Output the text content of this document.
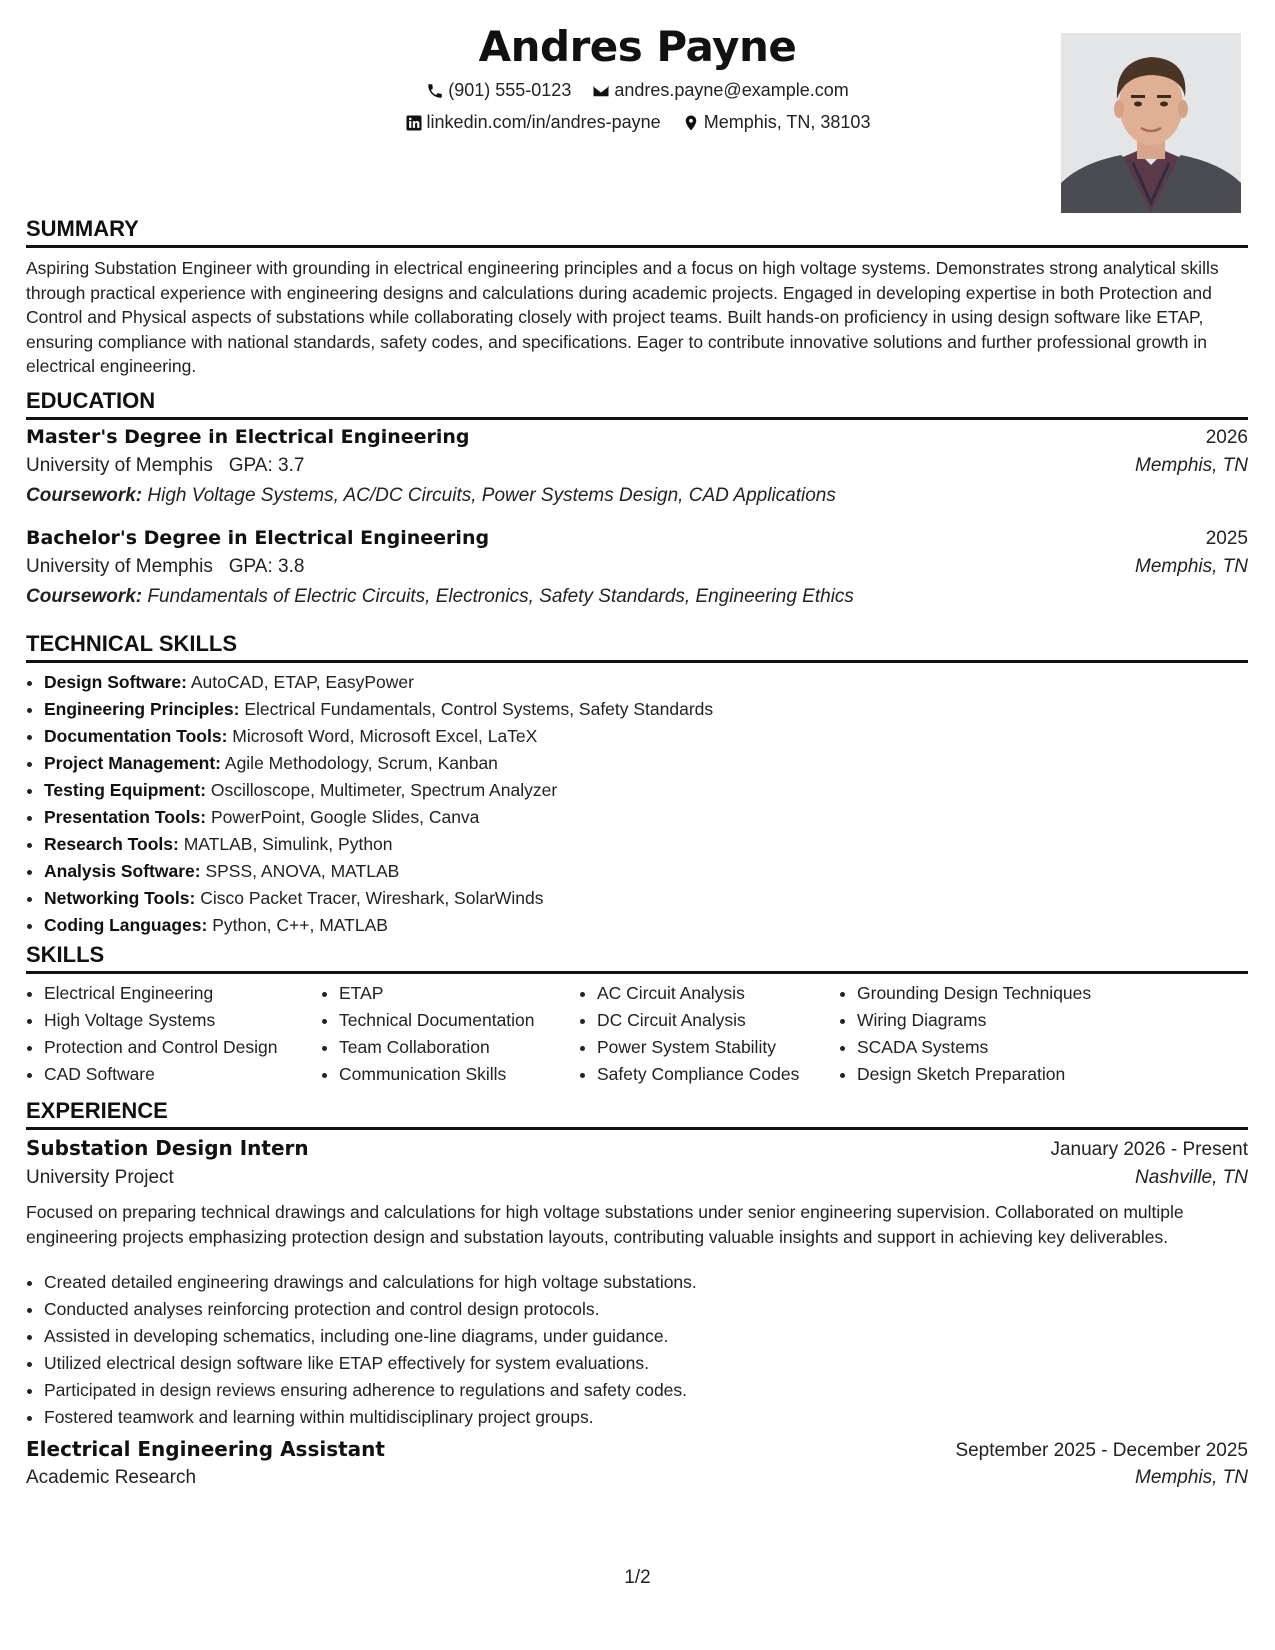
Andres Payne
(901) 555-0123
andres.payne@example.com
linkedin.com/in/andres-payne
Memphis, TN, 38103
SUMMARY
Aspiring Substation Engineer with grounding in electrical engineering principles and a focus on high voltage systems. Demonstrates strong analytical skills through practical experience with engineering designs and calculations during academic projects. Engaged in developing expertise in both Protection and Control and Physical aspects of substations while collaborating closely with project teams. Built hands-on proficiency in using design software like ETAP, ensuring compliance with national standards, safety codes, and specifications. Eager to contribute innovative solutions and further professional growth in electrical engineering.
EDUCATION
Master's Degree in Electrical Engineering	2026
University of Memphis GPA: 3.7	Memphis, TN
Coursework: High Voltage Systems, AC/DC Circuits, Power Systems Design, CAD Applications
Bachelor's Degree in Electrical Engineering	2025
University of Memphis GPA: 3.8	Memphis, TN
Coursework: Fundamentals of Electric Circuits, Electronics, Safety Standards, Engineering Ethics
TECHNICAL SKILLS
• Design Software: AutoCAD, ETAP, EasyPower
• Engineering Principles: Electrical Fundamentals, Control Systems, Safety Standards
• Documentation Tools: Microsoft Word, Microsoft Excel, LaTeX
• Project Management: Agile Methodology, Scrum, Kanban
• Testing Equipment: Oscilloscope, Multimeter, Spectrum Analyzer
• Presentation Tools: PowerPoint, Google Slides, Canva
• Research Tools: MATLAB, Simulink, Python
• Analysis Software: SPSS, ANOVA, MATLAB
• Networking Tools: Cisco Packet Tracer, Wireshark, SolarWinds
• Coding Languages: Python, C++, MATLAB
SKILLS
• Electrical Engineering
• High Voltage Systems
• Protection and Control Design
• CAD Software
• ETAP
• Technical Documentation
• Team Collaboration
• Communication Skills
• AC Circuit Analysis
• DC Circuit Analysis
• Power System Stability
• Safety Compliance Codes
• Grounding Design Techniques
• Wiring Diagrams
• SCADA Systems
• Design Sketch Preparation
EXPERIENCE
Substation Design Intern	January 2026 - Present
University Project	Nashville, TN
Focused on preparing technical drawings and calculations for high voltage substations under senior engineering supervision. Collaborated on multiple engineering projects emphasizing protection design and substation layouts, contributing valuable insights and support in achieving key deliverables.
• Created detailed engineering drawings and calculations for high voltage substations.
• Conducted analyses reinforcing protection and control design protocols.
• Assisted in developing schematics, including one-line diagrams, under guidance.
• Utilized electrical design software like ETAP effectively for system evaluations.
• Participated in design reviews ensuring adherence to regulations and safety codes.
• Fostered teamwork and learning within multidisciplinary project groups.
Electrical Engineering Assistant	September 2025 - December 2025
Academic Research	Memphis, TN
1/2
